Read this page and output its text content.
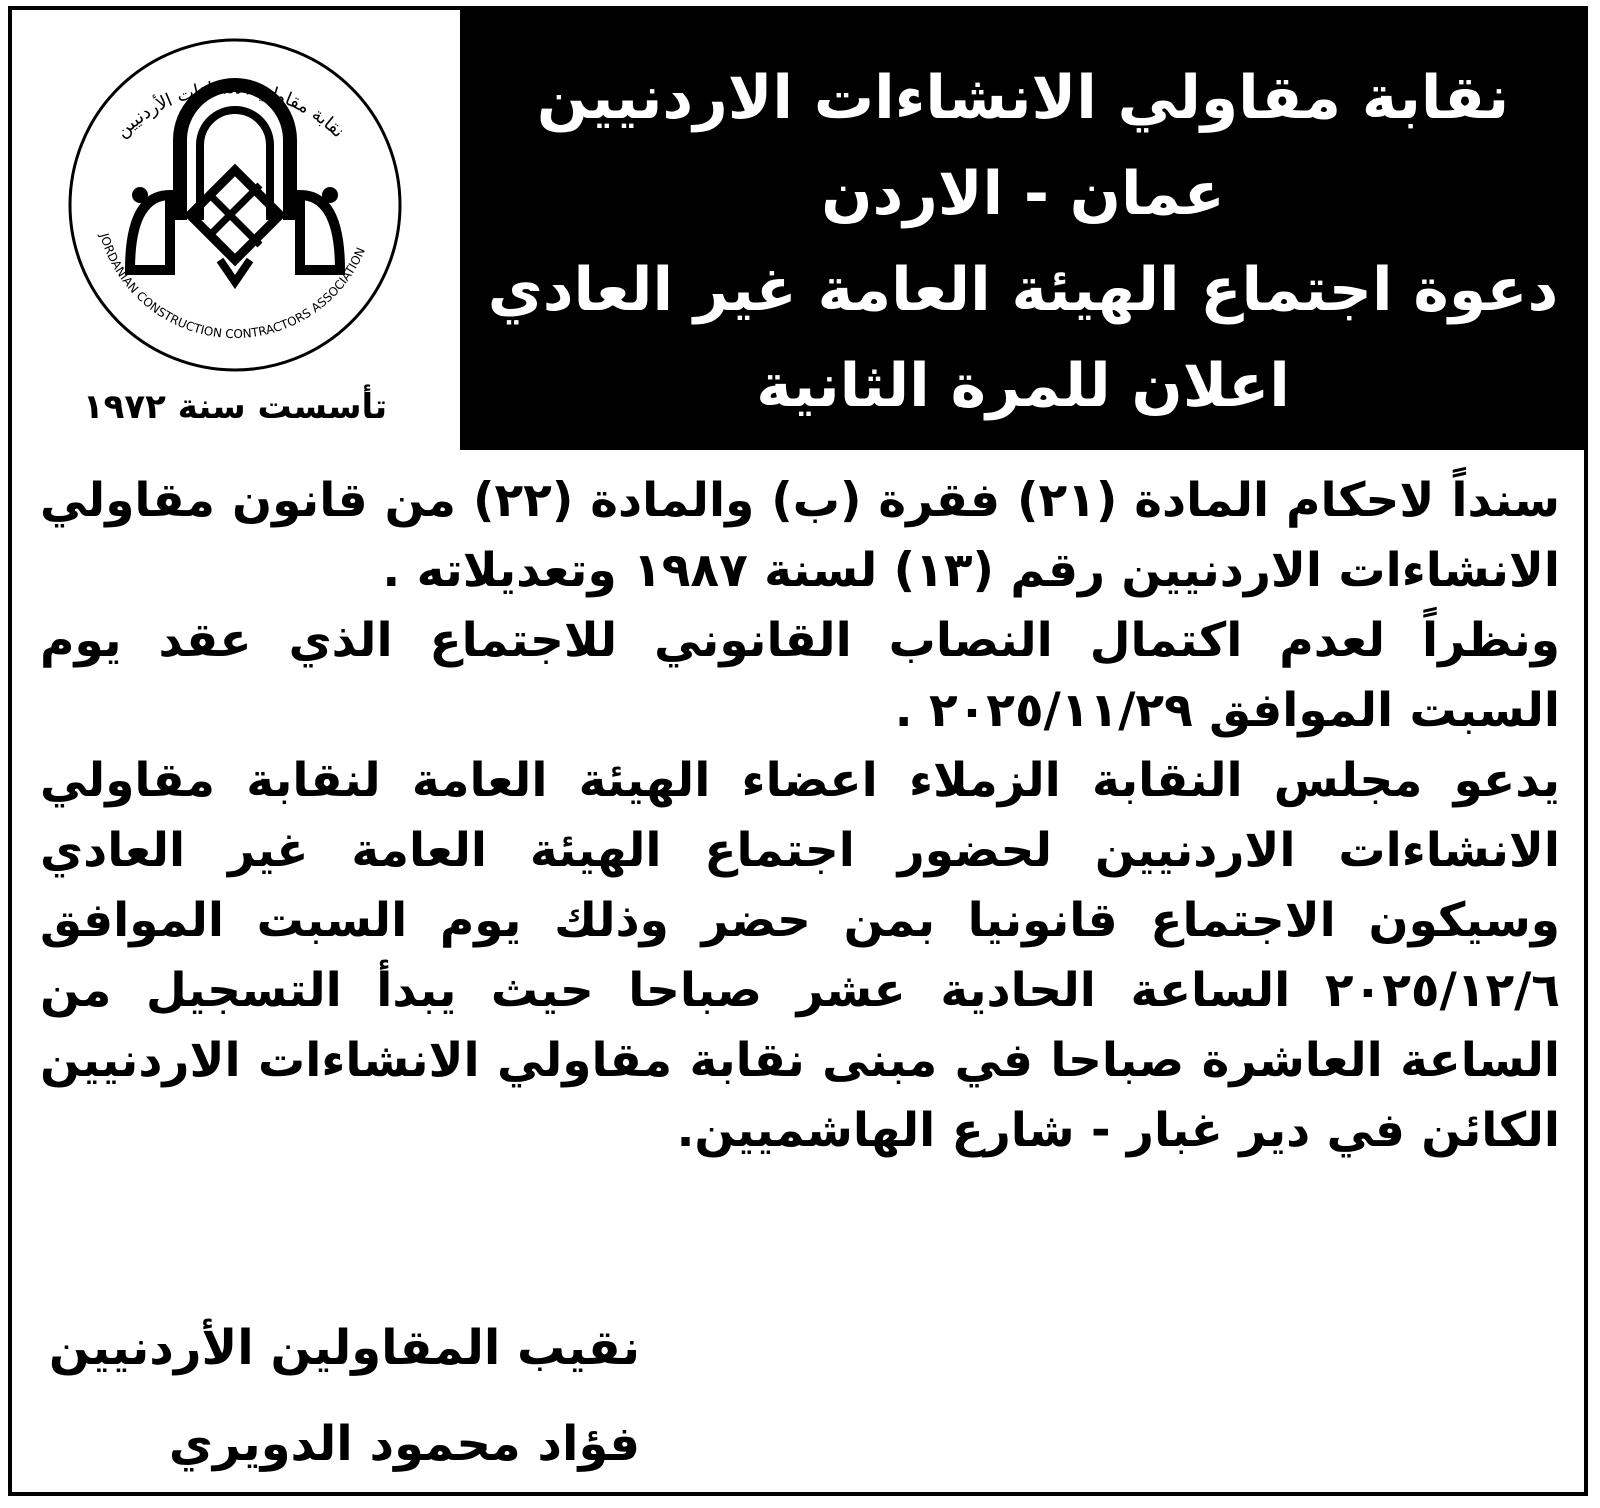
نقابة مقاولي الانشاءات الأردنيين
JORDANIAN CONSTRUCTION CONTRACTORS ASSOCIATION
تأسست سنة ١٩٧٢
نقابة مقاولي الانشاءات الاردنيين
عمان - الاردن
دعوة اجتماع الهيئة العامة غير العادي
اعلان للمرة الثانية

سنداً لاحكام المادة (٢١) فقرة (ب) والمادة (٢٢) من قانون مقاولي الانشاءات الاردنيين رقم (١٣) لسنة ١٩٨٧ وتعديلاته .

ونظراً لعدم اكتمال النصاب القانوني للاجتماع الذي عقد يوم السبت الموافق ٢٠٢٥/١١/٢٩ .

يدعو مجلس النقابة الزملاء اعضاء الهيئة العامة لنقابة مقاولي الانشاءات الاردنيين لحضور اجتماع الهيئة العامة غير العادي وسيكون الاجتماع قانونيا بمن حضر وذلك يوم السبت الموافق ٢٠٢٥/١٢/٦ الساعة الحادية عشر صباحا حيث يبدأ التسجيل من الساعة العاشرة صباحا في مبنى نقابة مقاولي الانشاءات الاردنيين الكائن في دير غبار - شارع الهاشميين.

نقيب المقاولين الأردنيين
فؤاد محمود الدويري
